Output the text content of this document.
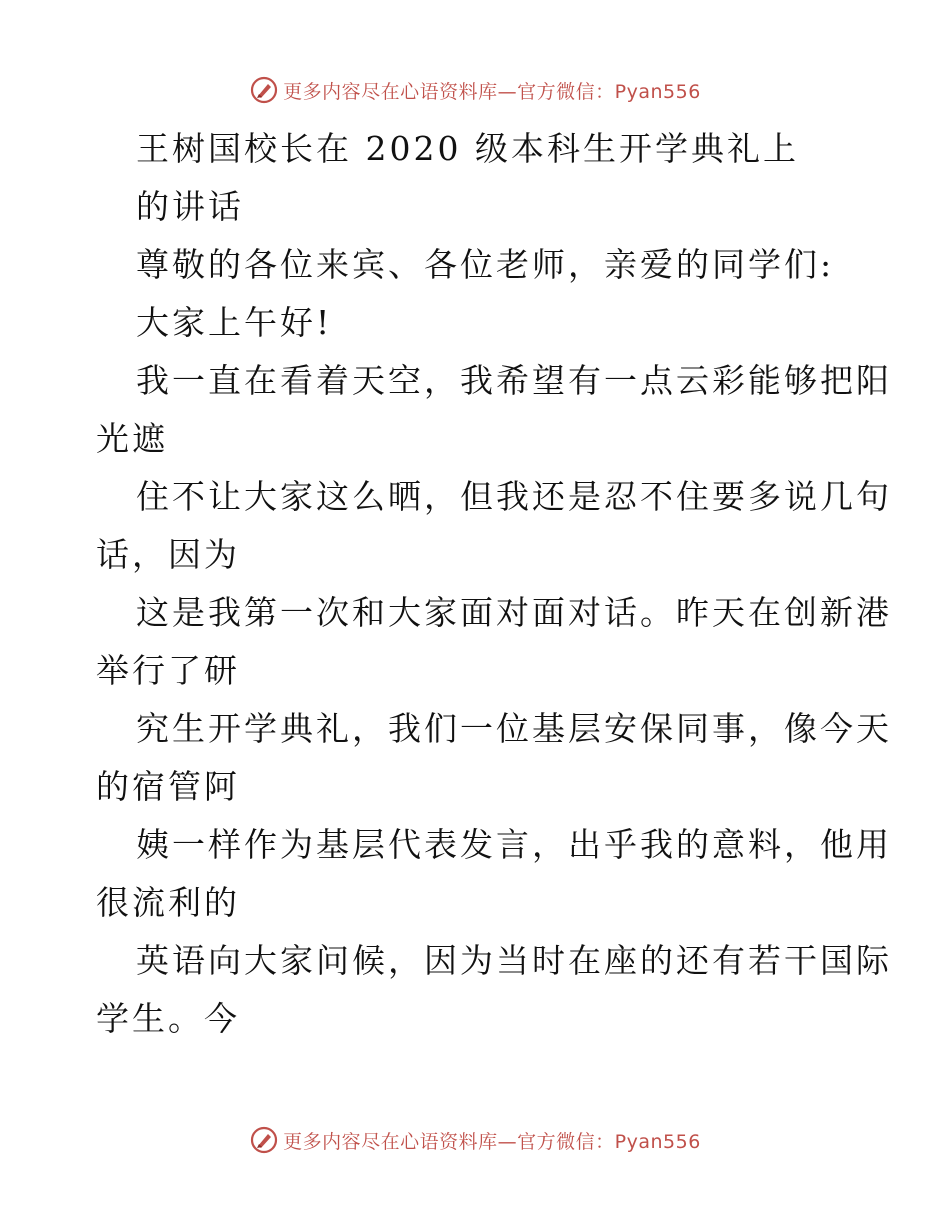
更多内容尽在心语资料库—官方微信：Pyan556
王树国校长在 2020 级本科生开学典礼上
的讲话
尊敬的各位来宾、各位老师，亲爱的同学们:
大家上午好!
我一直在看着天空，我希望有一点云彩能够把阳
光遮
住不让大家这么晒，但我还是忍不住要多说几句
话，因为
这是我第一次和大家面对面对话。昨天在创新港
举行了研
究生开学典礼，我们一位基层安保同事，像今天
的宿管阿
姨一样作为基层代表发言，出乎我的意料，他用
很流利的
英语向大家问候，因为当时在座的还有若干国际
学生。今
更多内容尽在心语资料库—官方微信：Pyan556
